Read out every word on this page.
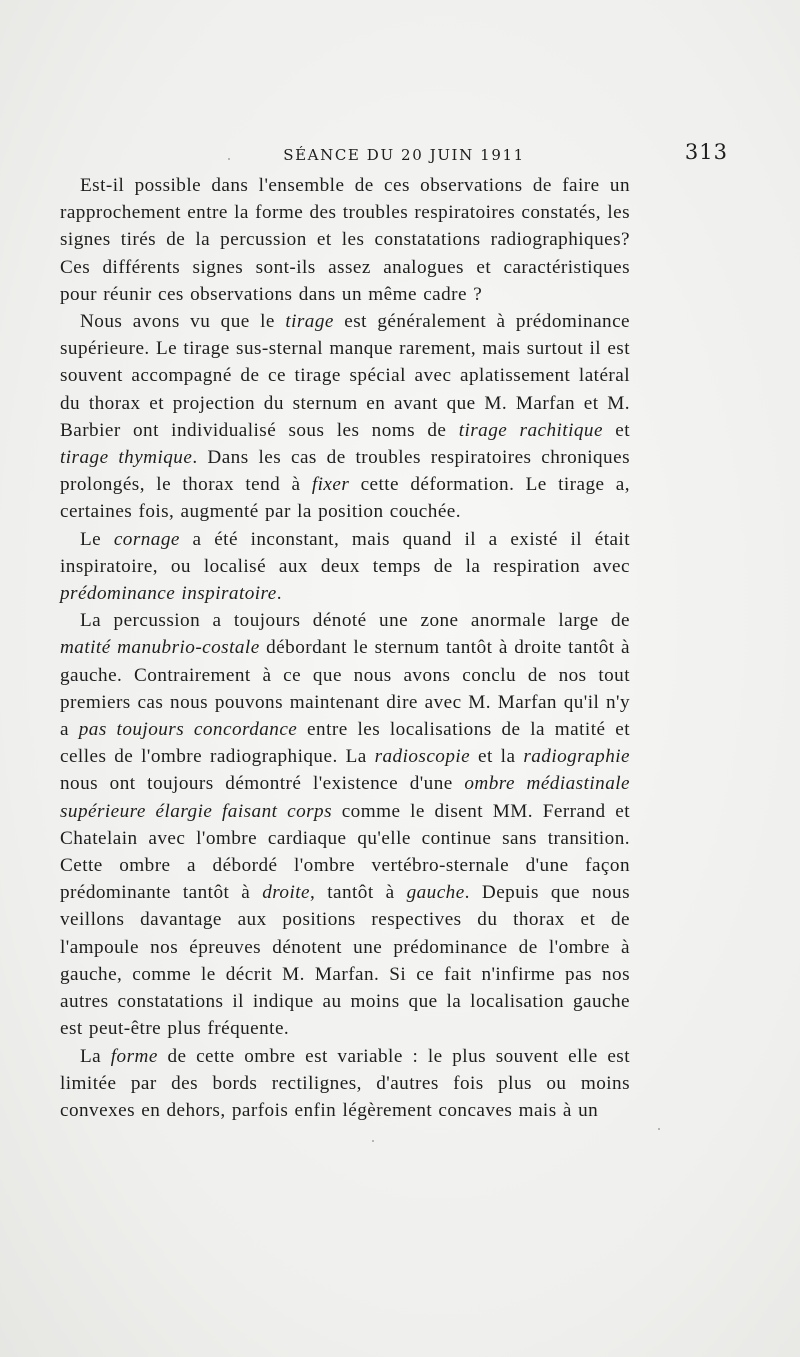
SÉANCE DU 20 JUIN 1911	313

Est-il possible dans l'ensemble de ces observations de faire un rapprochement entre la forme des troubles respiratoires constatés, les signes tirés de la percussion et les constatations radiographiques? Ces différents signes sont-ils assez analogues et caractéristiques pour réunir ces observations dans un même cadre ?

Nous avons vu que le tirage est généralement à prédominance supérieure. Le tirage sus-sternal manque rarement, mais surtout il est souvent accompagné de ce tirage spécial avec aplatissement latéral du thorax et projection du sternum en avant que M. Marfan et M. Barbier ont individualisé sous les noms de tirage rachitique et tirage thymique. Dans les cas de troubles respiratoires chroniques prolongés, le thorax tend à fixer cette déformation. Le tirage a, certaines fois, augmenté par la position couchée.

Le cornage a été inconstant, mais quand il a existé il était inspiratoire, ou localisé aux deux temps de la respiration avec prédominance inspiratoire.

La percussion a toujours dénoté une zone anormale large de matité manubrio-costale débordant le sternum tantôt à droite tantôt à gauche. Contrairement à ce que nous avons conclu de nos tout premiers cas nous pouvons maintenant dire avec M. Marfan qu'il n'y a pas toujours concordance entre les localisations de la matité et celles de l'ombre radiographique. La radioscopie et la radiographie nous ont toujours démontré l'existence d'une ombre médiastinale supérieure élargie faisant corps comme le disent MM. Ferrand et Chatelain avec l'ombre cardiaque qu'elle continue sans transition. Cette ombre a débordé l'ombre vertébro-sternale d'une façon prédominante tantôt à droite, tantôt à gauche. Depuis que nous veillons davantage aux positions respectives du thorax et de l'ampoule nos épreuves dénotent une prédominance de l'ombre à gauche, comme le décrit M. Marfan. Si ce fait n'infirme pas nos autres constatations il indique au moins que la localisation gauche est peut-être plus fréquente.

La forme de cette ombre est variable : le plus souvent elle est limitée par des bords rectilignes, d'autres fois plus ou moins convexes en dehors, parfois enfin légèrement concaves mais à un
